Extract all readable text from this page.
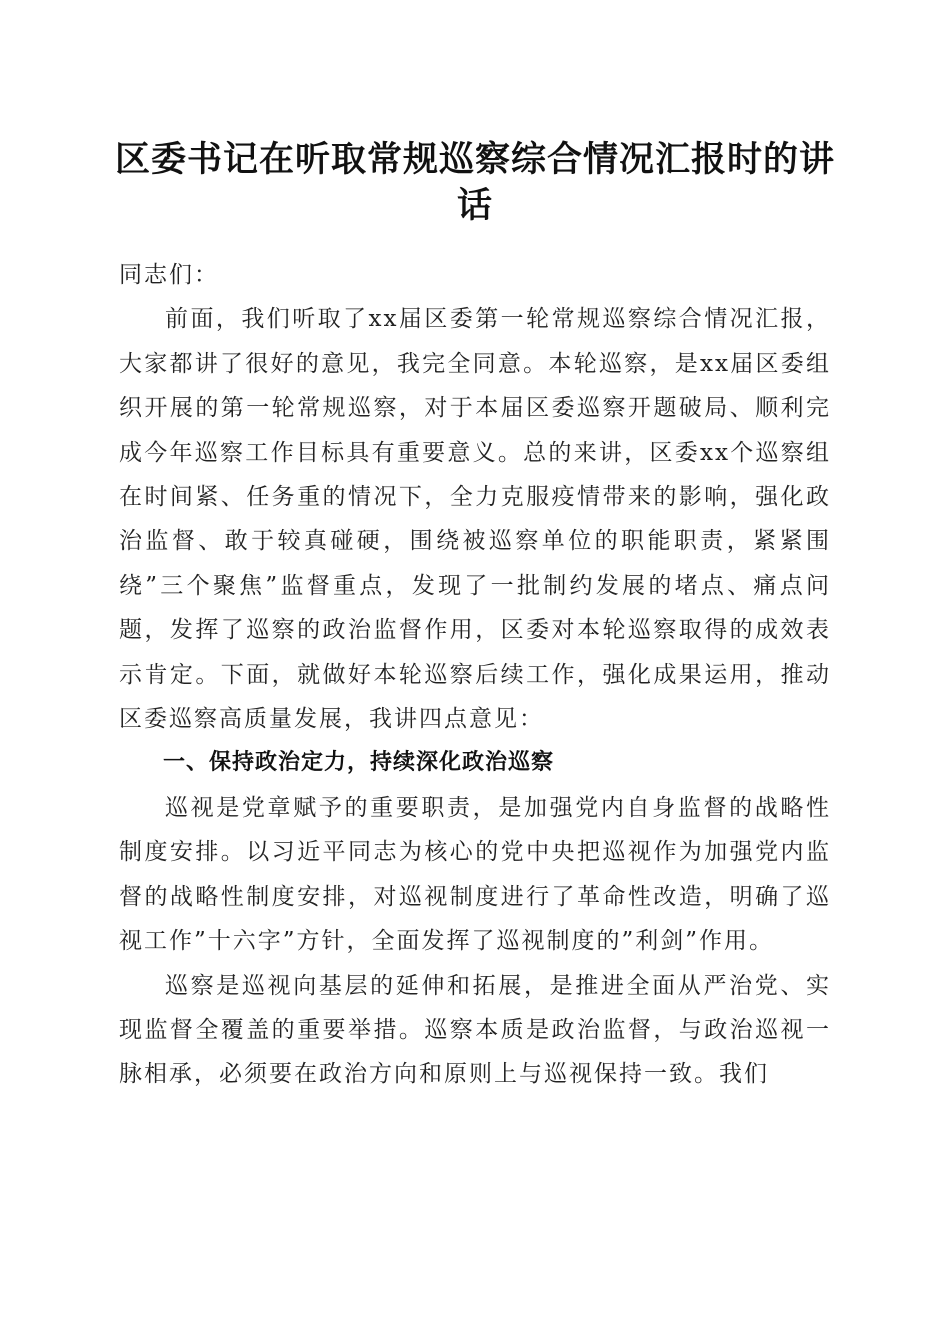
区委书记在听取常规巡察综合情况汇报时的讲话

同志们：

前面，我们听取了xx届区委第一轮常规巡察综合情况汇报，大家都讲了很好的意见，我完全同意。本轮巡察，是xx届区委组织开展的第一轮常规巡察，对于本届区委巡察开题破局、顺利完成今年巡察工作目标具有重要意义。总的来讲，区委xx个巡察组在时间紧、任务重的情况下，全力克服疫情带来的影响，强化政治监督、敢于较真碰硬，围绕被巡察单位的职能职责，紧紧围绕”三个聚焦”监督重点，发现了一批制约发展的堵点、痛点问题，发挥了巡察的政治监督作用，区委对本轮巡察取得的成效表示肯定。下面，就做好本轮巡察后续工作，强化成果运用，推动区委巡察高质量发展，我讲四点意见：

一、保持政治定力，持续深化政治巡察

巡视是党章赋予的重要职责，是加强党内自身监督的战略性制度安排。以习近平同志为核心的党中央把巡视作为加强党内监督的战略性制度安排，对巡视制度进行了革命性改造，明确了巡视工作”十六字”方针，全面发挥了巡视制度的”利剑”作用。

巡察是巡视向基层的延伸和拓展，是推进全面从严治党、实现监督全覆盖的重要举措。巡察本质是政治监督，与政治巡视一脉相承，必须要在政治方向和原则上与巡视保持一致。我们
